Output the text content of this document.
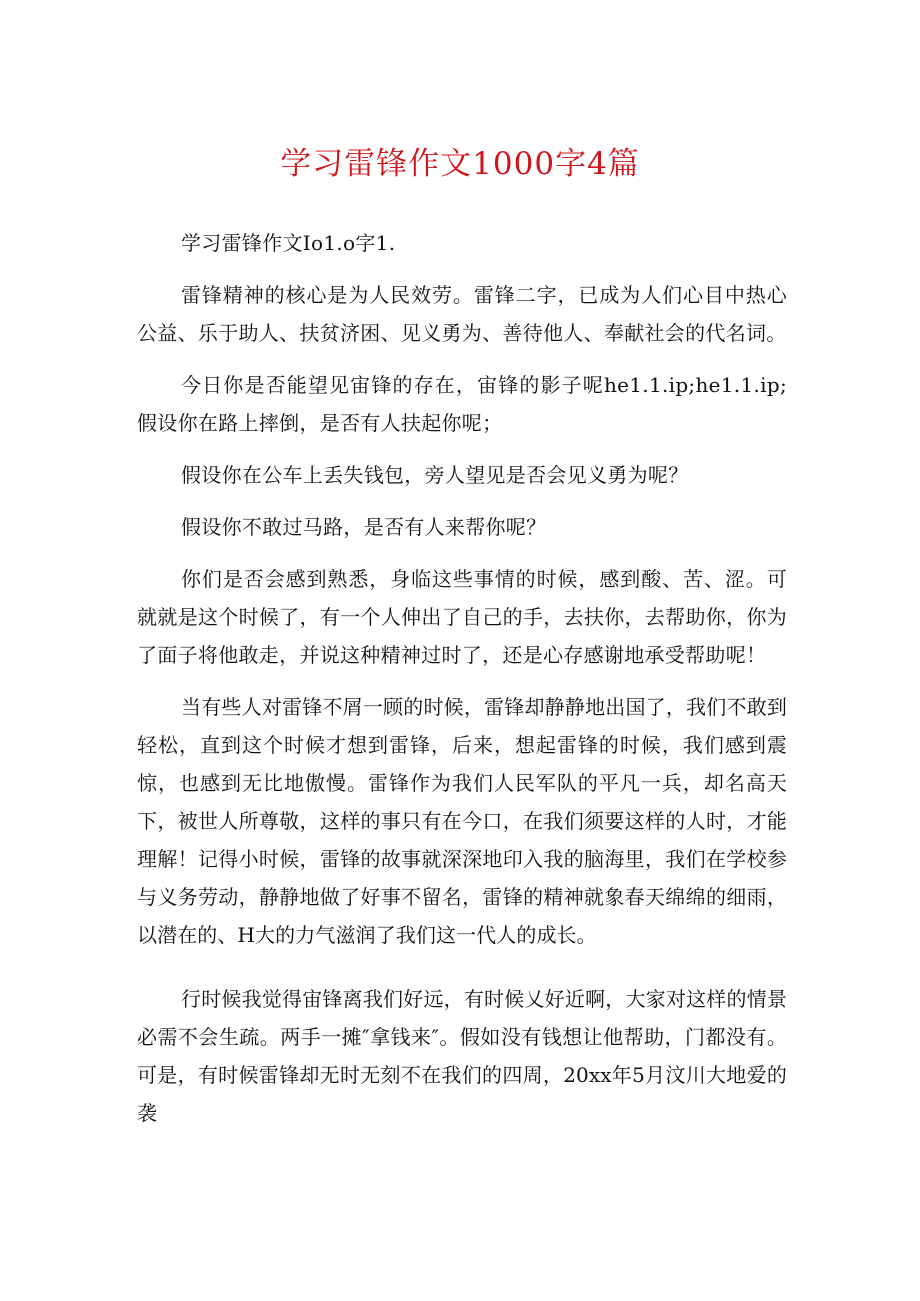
学习雷锋作文1000字4篇

学习雷锋作文Io1.o字1.

雷锋精神的核心是为人民效劳。雷锋二字，已成为人们心目中热心公益、乐于助人、扶贫济困、见义勇为、善待他人、奉献社会的代名词。

今日你是否能望见宙锋的存在，宙锋的影子呢he1.1.ip;he1.1.ip;假设你在路上摔倒，是否有人扶起你呢；

假设你在公车上丢失钱包，旁人望见是否会见义勇为呢？

假设你不敢过马路，是否有人来帮你呢？

你们是否会感到熟悉，身临这些事情的时候，感到酸、苦、涩。可就就是这个时候了，有一个人伸出了自己的手，去扶你，去帮助你，你为了面子将他敢走，并说这种精神过时了，还是心存感谢地承受帮助呢！

当有些人对雷锋不屑一顾的时候，雷锋却静静地出国了，我们不敢到轻松，直到这个时候才想到雷锋，后来，想起雷锋的时候，我们感到震惊，也感到无比地傲慢。雷锋作为我们人民军队的平凡一兵，却名高天下，被世人所尊敬，这样的事只有在今口，在我们须要这样的人时，才能理解！记得小时候，雷锋的故事就深深地印入我的脑海里，我们在学校参与义务劳动，静静地做了好事不留名，雷锋的精神就象春天绵绵的细雨，以潜在的、H大的力气滋润了我们这一代人的成长。

行时候我觉得宙锋离我们好远，有时候乂好近啊，大家对这样的情景必需不会生疏。两手一摊″拿钱来″。假如没有钱想让他帮助，门都没有。可是，有时候雷锋却无时无刻不在我们的四周，20xx年5月汶川大地爱的袭
